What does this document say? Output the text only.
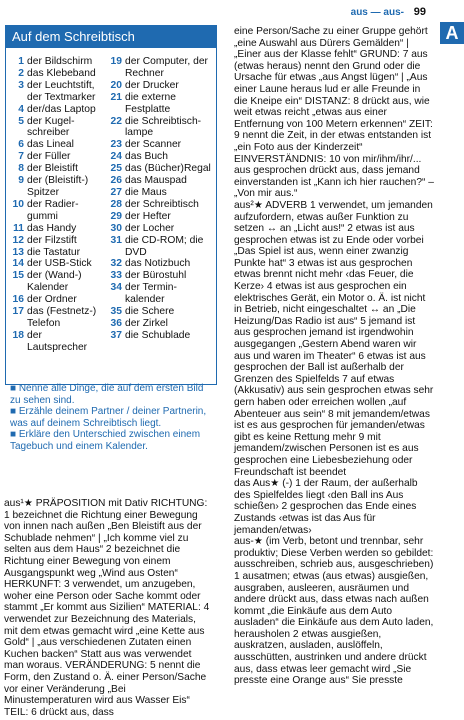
aus — aus- 99
A
Auf dem Schreibtisch
1 der Bildschirm
2 das Klebeband
3 der Leuchtstift, der Textmarker
4 der/das Laptop
5 der Kugel-schreiber
6 das Lineal
7 der Füller
8 der Bleistift
9 der (Bleistift-) Spitzer
10 der Radier-gummi
11 das Handy
12 der Filzstift
13 die Tastatur
14 der USB-Stick
15 der (Wand-) Kalender
16 der Ordner
17 das (Festnetz-) Telefon
18 der Lautsprecher
19 der Computer, der Rechner
20 der Drucker
21 die externe Festplatte
22 die Schreibtisch-lampe
23 der Scanner
24 das Buch
25 das (Bücher)Regal
26 das Mauspad
27 die Maus
28 der Schreibtisch
29 der Hefter
30 der Locher
31 die CD-ROM; die DVD
32 das Notizbuch
33 der Bürostuhl
34 der Termin-kalender
35 die Schere
36 der Zirkel
37 die Schublade
■ Nenne alle Dinge, die auf dem ersten Bild zu sehen sind.
■ Erzähle deinem Partner / deiner Partnerin, was auf deinem Schreibtisch liegt.
■ Erkläre den Unterschied zwischen einem Tagebuch und einem Kalender.

aus¹★ PRÄPOSITION mit Dativ RICHTUNG: 1 bezeichnet die Richtung einer Bewegung von innen nach außen „Ben Bleistift aus der Schublade nehmen“ | „Ich komme viel zu selten aus dem Haus“ 2 bezeichnet die Richtung einer Bewegung von einem Ausgangspunkt weg „Wind aus Osten“ HERKUNFT: 3 verwendet, um anzugeben, woher eine Person oder Sache kommt oder stammt „Er kommt aus Sizilien“ MATERIAL: 4 verwendet zur Bezeichnung des Materials, mit dem etwas gemacht wird „eine Kette aus Gold“ | „aus verschiedenen Zutaten einen Kuchen backen“ Statt aus was verwendet man woraus. VERÄNDERUNG: 5 nennt die Form, den Zustand o. Ä. einer Person/Sache vor einer Veränderung „Bei Minustemperaturen wird aus Wasser Eis“ TEIL: 6 drückt aus, dass

eine Person/Sache zu einer Gruppe gehört „eine Auswahl aus Dürers Gemälden“ | „Einer aus der Klasse fehlt“ GRUND: 7 aus (etwas heraus) nennt den Grund oder die Ursache für etwas „aus Angst lügen“ | „Aus einer Laune heraus lud er alle Freunde in die Kneipe ein“ DISTANZ: 8 drückt aus, wie weit etwas reicht „etwas aus einer Entfernung von 100 Metern erkennen“ ZEIT: 9 nennt die Zeit, in der etwas entstanden ist „ein Foto aus der Kinderzeit“ EINVERSTÄNDNIS: 10 von mir/ihm/ihr/... aus gesprochen drückt aus, dass jemand einverstanden ist „Kann ich hier rauchen?“ – „Von mir aus.“

aus²★ ADVERB 1 verwendet, um jemanden aufzufordern, etwas außer Funktion zu setzen ↔ an „Licht aus!“ 2 etwas ist aus gesprochen etwas ist zu Ende oder vorbei „Das Spiel ist aus, wenn einer zwanzig Punkte hat“ 3 etwas ist aus gesprochen etwas brennt nicht mehr ‹das Feuer, die Kerze› 4 etwas ist aus gesprochen ein elektrisches Gerät, ein Motor o. Ä. ist nicht in Betrieb, nicht eingeschaltet ↔ an „Die Heizung/Das Radio ist aus“ 5 jemand ist aus gesprochen jemand ist irgendwohin ausgegangen „Gestern Abend waren wir aus und waren im Theater“ 6 etwas ist aus gesprochen der Ball ist außerhalb der Grenzen des Spielfelds 7 auf etwas (Akkusativ) aus sein gesprochen etwas sehr gern haben oder erreichen wollen „auf Abenteuer aus sein“ 8 mit jemandem/etwas ist es aus gesprochen für jemanden/etwas gibt es keine Rettung mehr 9 mit jemandem/zwischen Personen ist es aus gesprochen eine Liebesbeziehung oder Freundschaft ist beendet

das Aus★ (-) 1 der Raum, der außerhalb des Spielfeldes liegt ‹den Ball ins Aus schießen› 2 gesprochen das Ende eines Zustands ‹etwas ist das Aus für jemanden/etwas›

aus-★ (im Verb, betont und trennbar, sehr produktiv; Diese Verben werden so gebildet: ausschreiben, schrieb aus, ausgeschrieben) 1 ausatmen; etwas (aus etwas) ausgießen, ausgraben, ausleeren, ausräumen und andere drückt aus, dass etwas nach außen kommt „die Einkäufe aus dem Auto ausladen“ die Einkäufe aus dem Auto laden, herausholen 2 etwas ausgießen, auskratzen, ausladen, auslöffeln, ausschütten, austrinken und andere drückt aus, dass etwas leer gemacht wird „Sie presste eine Orange aus“ Sie presste
